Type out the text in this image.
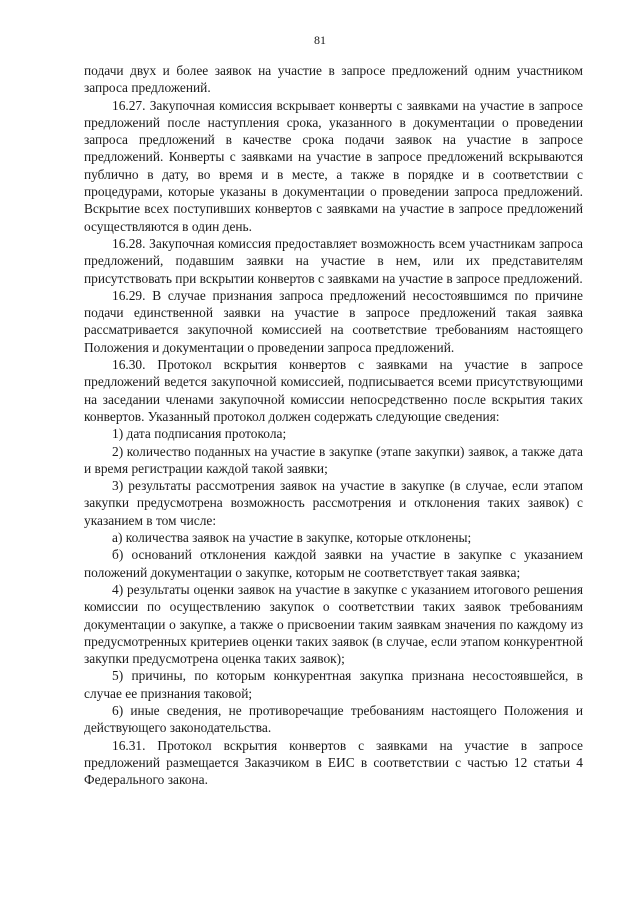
81

подачи двух и более заявок на участие в запросе предложений одним участником запроса предложений.

16.27. Закупочная комиссия вскрывает конверты с заявками на участие в запросе предложений после наступления срока, указанного в документации о проведении запроса предложений в качестве срока подачи заявок на участие в запросе предложений. Конверты с заявками на участие в запросе предложений вскрываются публично в дату, во время и в месте, а также в порядке и в соответствии с процедурами, которые указаны в документации о проведении запроса предложений. Вскрытие всех поступивших конвертов с заявками на участие в запросе предложений осуществляются в один день.

16.28. Закупочная комиссия предоставляет возможность всем участникам запроса предложений, подавшим заявки на участие в нем, или их представителям присутствовать при вскрытии конвертов с заявками на участие в запросе предложений.

16.29. В случае признания запроса предложений несостоявшимся по причине подачи единственной заявки на участие в запросе предложений такая заявка рассматривается закупочной комиссией на соответствие требованиям настоящего Положения и документации о проведении запроса предложений.

16.30. Протокол вскрытия конвертов с заявками на участие в запросе предложений ведется закупочной комиссией, подписывается всеми присутствующими на заседании членами закупочной комиссии непосредственно после вскрытия таких конвертов. Указанный протокол должен содержать следующие сведения:

1) дата подписания протокола;

2) количество поданных на участие в закупке (этапе закупки) заявок, а также дата и время регистрации каждой такой заявки;

3) результаты рассмотрения заявок на участие в закупке (в случае, если этапом закупки предусмотрена возможность рассмотрения и отклонения таких заявок) с указанием в том числе:

а) количества заявок на участие в закупке, которые отклонены;

б) оснований отклонения каждой заявки на участие в закупке с указанием положений документации о закупке, которым не соответствует такая заявка;

4) результаты оценки заявок на участие в закупке с указанием итогового решения комиссии по осуществлению закупок о соответствии таких заявок требованиям документации о закупке, а также о присвоении таким заявкам значения по каждому из предусмотренных критериев оценки таких заявок (в случае, если этапом конкурентной закупки предусмотрена оценка таких заявок);

5) причины, по которым конкурентная закупка признана несостоявшейся, в случае ее признания таковой;

6) иные сведения, не противоречащие требованиям настоящего Положения и действующего законодательства.

16.31. Протокол вскрытия конвертов с заявками на участие в запросе предложений размещается Заказчиком в ЕИС в соответствии с частью 12 статьи 4 Федерального закона.
